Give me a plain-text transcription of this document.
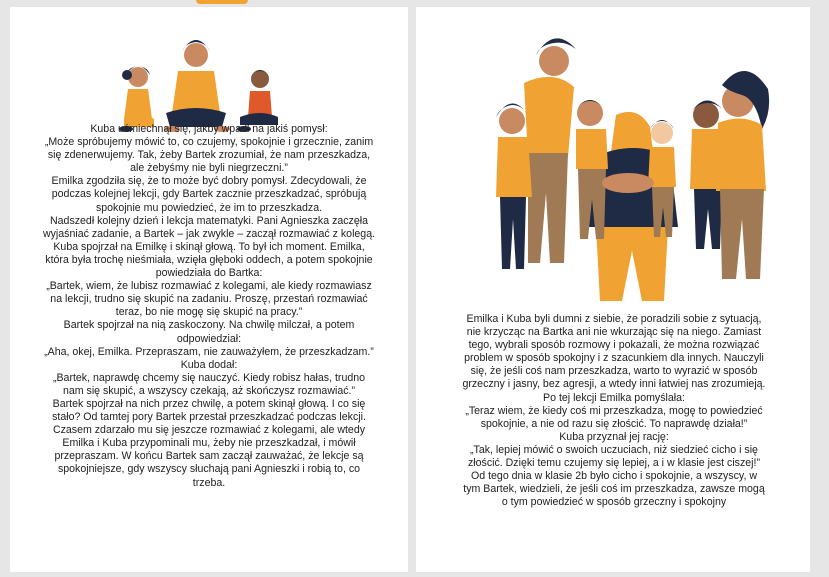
Kuba uśmiechnął się, jakby wpadł na jakiś pomysł:

„Może spróbujemy mówić to, co czujemy, spokojnie i grzecznie, zanim

się zdenerwujemy. Tak, żeby Bartek zrozumiał, że nam przeszkadza,

ale żebyśmy nie byli niegrzeczni.”

Emilka zgodziła się, że to może być dobry pomysł. Zdecydowali, że

podczas kolejnej lekcji, gdy Bartek zacznie przeszkadzać, spróbują

spokojnie mu powiedzieć, że im to przeszkadza.

Nadszedł kolejny dzień i lekcja matematyki. Pani Agnieszka zaczęła

wyjaśniać zadanie, a Bartek – jak zwykle – zaczął rozmawiać z kolegą.

Kuba spojrzał na Emilkę i skinął głową. To był ich moment. Emilka,

która była trochę nieśmiała, wzięła głęboki oddech, a potem spokojnie

powiedziała do Bartka:

„Bartek, wiem, że lubisz rozmawiać z kolegami, ale kiedy rozmawiasz

na lekcji, trudno się skupić na zadaniu. Proszę, przestań rozmawiać

teraz, bo nie mogę się skupić na pracy.”

Bartek spojrzał na nią zaskoczony. Na chwilę milczał, a potem

odpowiedział:

„Aha, okej, Emilka. Przepraszam, nie zauważyłem, że przeszkadzam.”

Kuba dodał:

„Bartek, naprawdę chcemy się nauczyć. Kiedy robisz hałas, trudno

nam się skupić, a wszyscy czekają, aż skończysz rozmawiać.”

Bartek spojrzał na nich przez chwilę, a potem skinął głową. I co się

stało? Od tamtej pory Bartek przestał przeszkadzać podczas lekcji.

Czasem zdarzało mu się jeszcze rozmawiać z kolegami, ale wtedy

Emilka i Kuba przypominali mu, żeby nie przeszkadzał, i mówił

przepraszam. W końcu Bartek sam zaczął zauważać, że lekcje są

spokojniejsze, gdy wszyscy słuchają pani Agnieszki i robią to, co

trzeba.

Emilka i Kuba byli dumni z siebie, że poradzili sobie z sytuacją,

nie krzycząc na Bartka ani nie wkurzając się na niego. Zamiast

tego, wybrali sposób rozmowy i pokazali, że można rozwiązać

problem w sposób spokojny i z szacunkiem dla innych. Nauczyli

się, że jeśli coś nam przeszkadza, warto to wyrazić w sposób

grzeczny i jasny, bez agresji, a wtedy inni łatwiej nas zrozumieją.

Po tej lekcji Emilka pomyślała:

„Teraz wiem, że kiedy coś mi przeszkadza, mogę to powiedzieć

spokojnie, a nie od razu się złościć. To naprawdę działa!”

Kuba przyznał jej rację:

„Tak, lepiej mówić o swoich uczuciach, niż siedzieć cicho i się

złościć. Dzięki temu czujemy się lepiej, a i w klasie jest ciszej!”

Od tego dnia w klasie 2b było cicho i spokojnie, a wszyscy, w

tym Bartek, wiedzieli, że jeśli coś im przeszkadza, zawsze mogą

o tym powiedzieć w sposób grzeczny i spokojny
